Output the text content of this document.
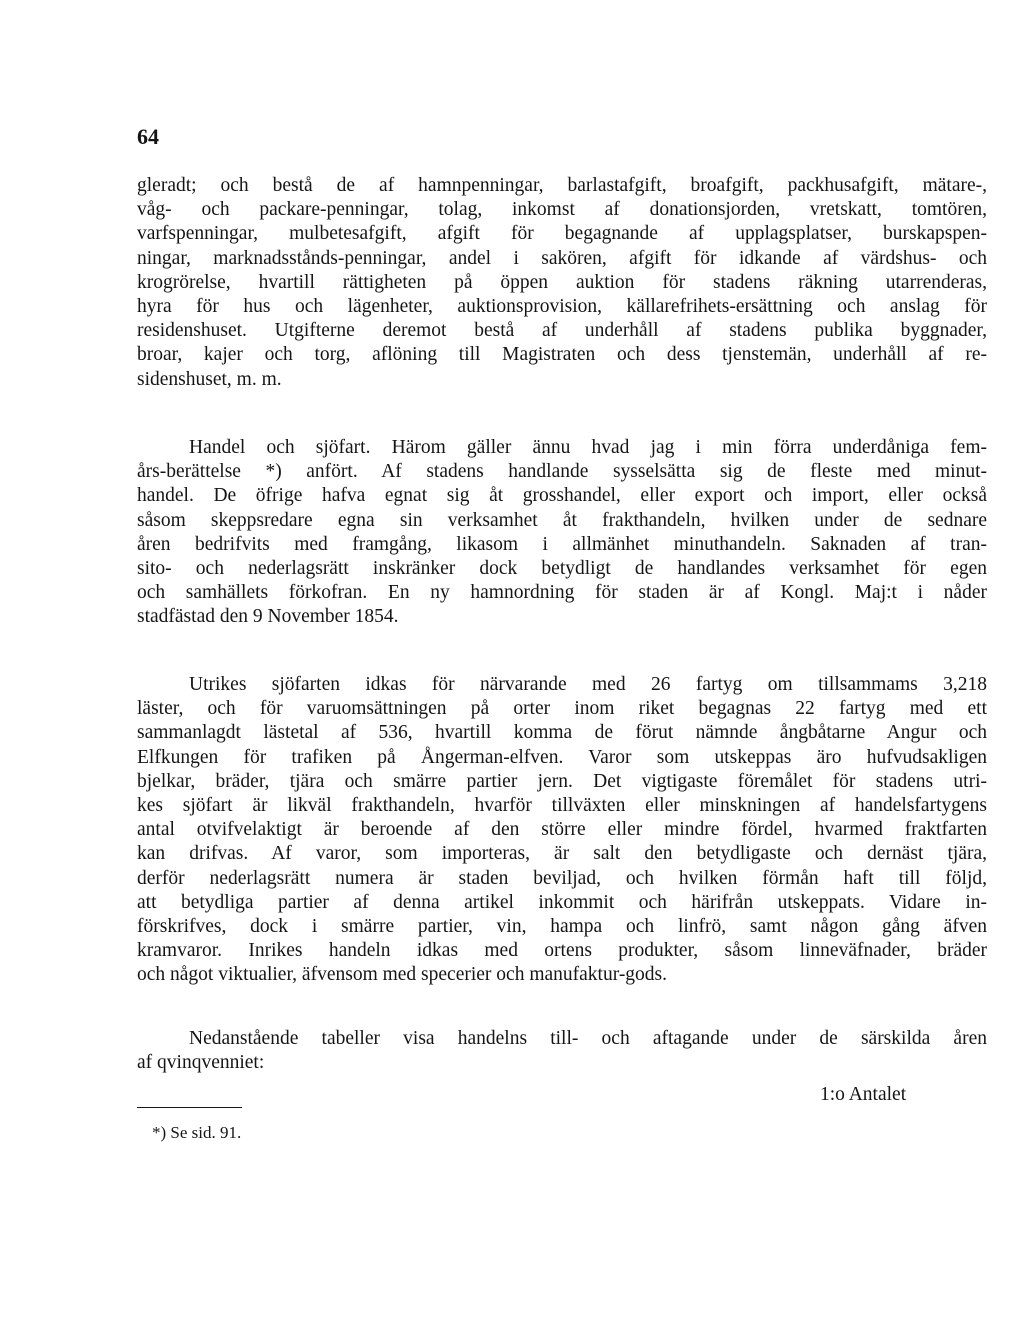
64

gleradt; och bestå de af hamnpenningar, barlastafgift, broafgift, packhusafgift, mätare-,
våg- och packare-penningar, tolag, inkomst af donationsjorden, vretskatt, tomtören,
varfspenningar, mulbetesafgift, afgift för begagnande af upplagsplatser, burskapspen-
ningar, marknadsstånds-penningar, andel i sakören, afgift för idkande af värdshus- och
krogrörelse, hvartill rättigheten på öppen auktion för stadens räkning utarrenderas,
hyra för hus och lägenheter, auktionsprovision, källarefrihets-ersättning och anslag för
residenshuset. Utgifterne deremot bestå af underhåll af stadens publika byggnader,
broar, kajer och torg, aflöning till Magistraten och dess tjenstemän, underhåll af re-
sidenshuset, m. m.
Handel och sjöfart. Härom gäller ännu hvad jag i min förra underdåniga fem-
års-berättelse *) anfört. Af stadens handlande sysselsätta sig de fleste med minut-
handel. De öfrige hafva egnat sig åt grosshandel, eller export och import, eller också
såsom skeppsredare egna sin verksamhet åt frakthandeln, hvilken under de sednare
åren bedrifvits med framgång, likasom i allmänhet minuthandeln. Saknaden af tran-
sito- och nederlagsrätt inskränker dock betydligt de handlandes verksamhet för egen
och samhällets förkofran. En ny hamnordning för staden är af Kongl. Maj:t i nåder
stadfästad den 9 November 1854.
Utrikes sjöfarten idkas för närvarande med 26 fartyg om tillsammams 3,218
läster, och för varuomsättningen på orter inom riket begagnas 22 fartyg med ett
sammanlagdt lästetal af 536, hvartill komma de förut nämnde ångbåtarne Angur och
Elfkungen för trafiken på Ångerman-elfven. Varor som utskeppas äro hufvudsakligen
bjelkar, bräder, tjära och smärre partier jern. Det vigtigaste föremålet för stadens utri-
kes sjöfart är likväl frakthandeln, hvarför tillväxten eller minskningen af handelsfartygens
antal otvifvelaktigt är beroende af den större eller mindre fördel, hvarmed fraktfarten
kan drifvas. Af varor, som importeras, är salt den betydligaste och dernäst tjära,
derför nederlagsrätt numera är staden beviljad, och hvilken förmån haft till följd,
att betydliga partier af denna artikel inkommit och härifrån utskeppats. Vidare in-
förskrifves, dock i smärre partier, vin, hampa och linfrö, samt någon gång äfven
kramvaror. Inrikes handeln idkas med ortens produkter, såsom linneväfnader, bräder
och något viktualier, äfvensom med specerier och manufaktur-gods.
Nedanstående tabeller visa handelns till- och aftagande under de särskilda åren
af qvinqvenniet:

1:o Antalet

*) Se sid. 91.
